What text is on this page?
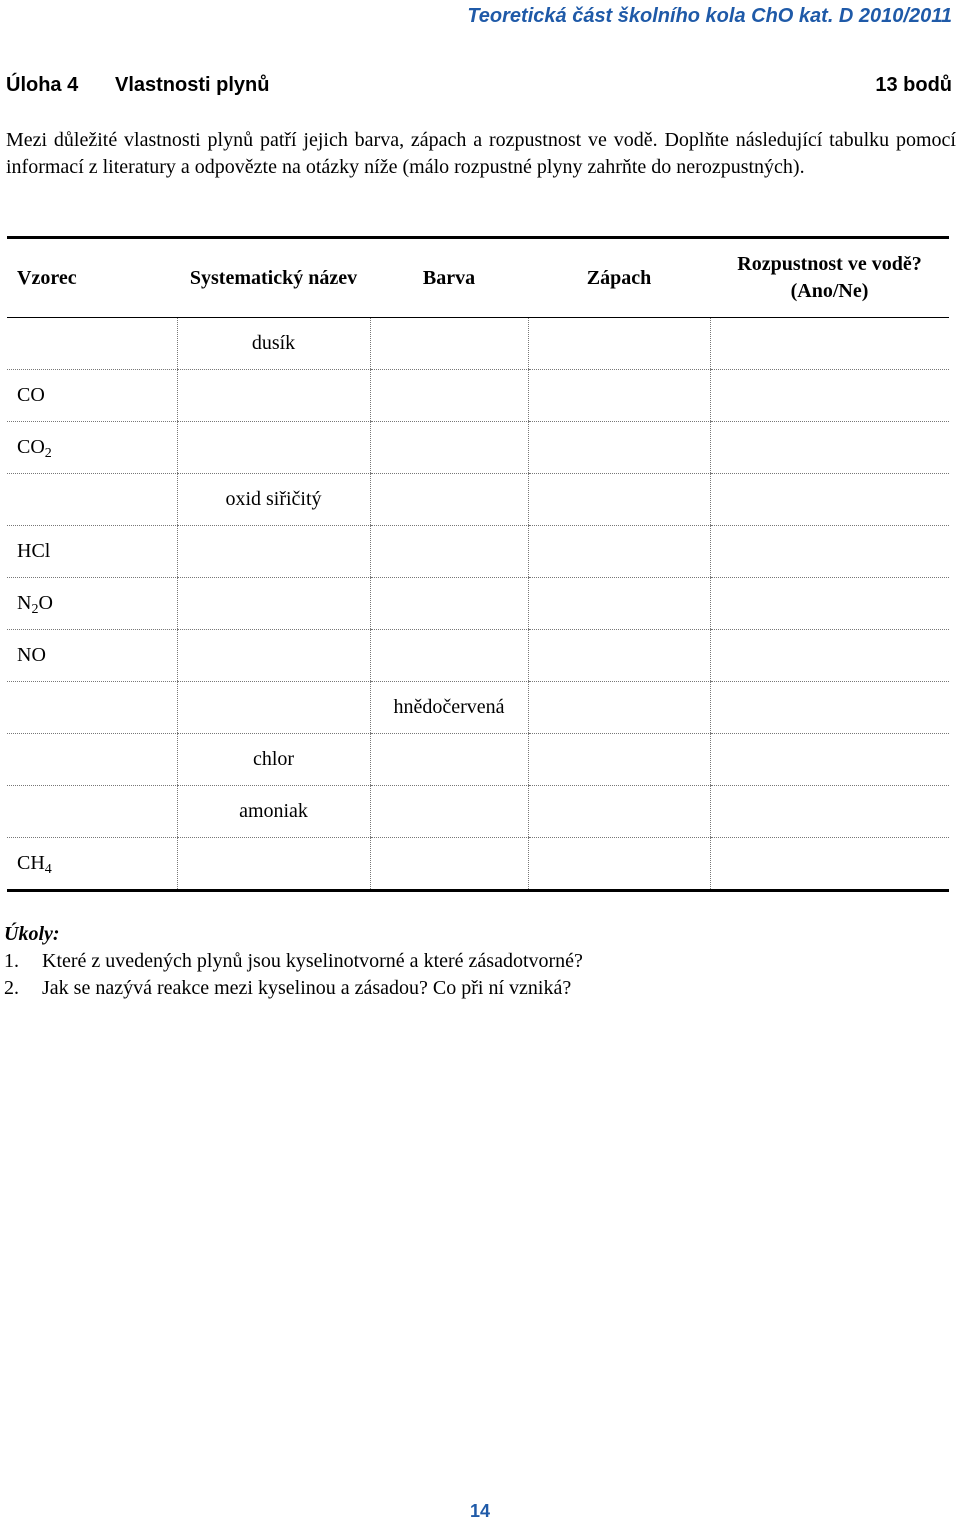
Teoretická část školního kola ChO kat. D 2010/2011
Úloha 4 Vlastnosti plynů	13 bodů
Mezi důležité vlastnosti plynů patří jejich barva, zápach a rozpustnost ve vodě. Doplňte následující tabulku pomocí informací z literatury a odpovězte na otázky níže (málo rozpustné plyny zahrňte do nerozpustných).
Vzorec	Systematický název	Barva	Zápach	Rozpustnost ve vodě? (Ano/Ne)
	dusík			
CO				
$CO_2$				
	oxid siřičitý			
HCl				
$N_2O$				
NO				
		hnědočervená		
	chlor			
	amoniak			
$CH_4$				
Úkoly:
1. Které z uvedených plynů jsou kyselinotvorné a které zásadotvorné?
2. Jak se nazývá reakce mezi kyselinou a zásadou? Co při ní vzniká?
14
